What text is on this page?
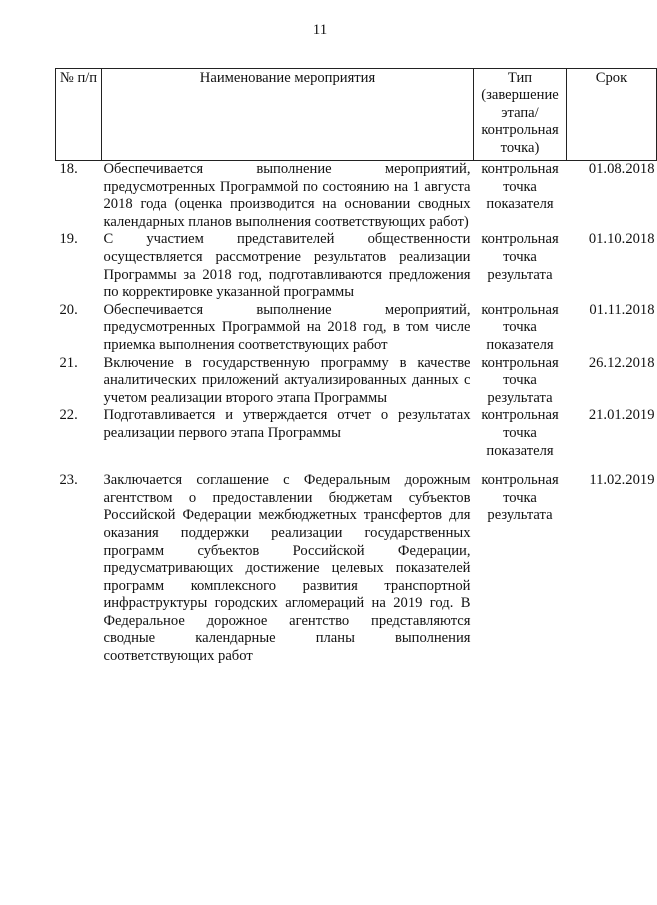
11
№ п/п	Наименование мероприятия	Тип (завершение этапа/ контрольная точка)	Срок
18.	Обеспечивается выполнение мероприятий, предусмотренных Программой по состоянию на 1 августа 2018 года (оценка производится на основании сводных календарных планов выполнения соответствующих работ)	контрольная точка показателя	01.08.2018
19.	С участием представителей общественности осуществляется рассмотрение результатов реализации Программы за 2018 год, подготавливаются предложения по корректировке указанной программы	контрольная точка результата	01.10.2018
20.	Обеспечивается выполнение мероприятий, предусмотренных Программой на 2018 год, в том числе приемка выполнения соответствующих работ	контрольная точка показателя	01.11.2018
21.	Включение в государственную программу в качестве аналитических приложений актуализированных данных с учетом реализации второго этапа Программы	контрольная точка результата	26.12.2018
22.	Подготавливается и утверждается отчет о результатах реализации первого этапа Программы	контрольная точка показателя	21.01.2019
23.	Заключается соглашение с Федеральным дорожным агентством о предоставлении бюджетам субъектов Российской Федерации межбюджетных трансфертов для оказания поддержки реализации государственных программ субъектов Российской Федерации, предусматривающих достижение целевых показателей программ комплексного развития транспортной инфраструктуры городских агломераций на 2019 год. В Федеральное дорожное агентство представляются сводные календарные планы выполнения соответствующих работ	контрольная точка результата	11.02.2019
